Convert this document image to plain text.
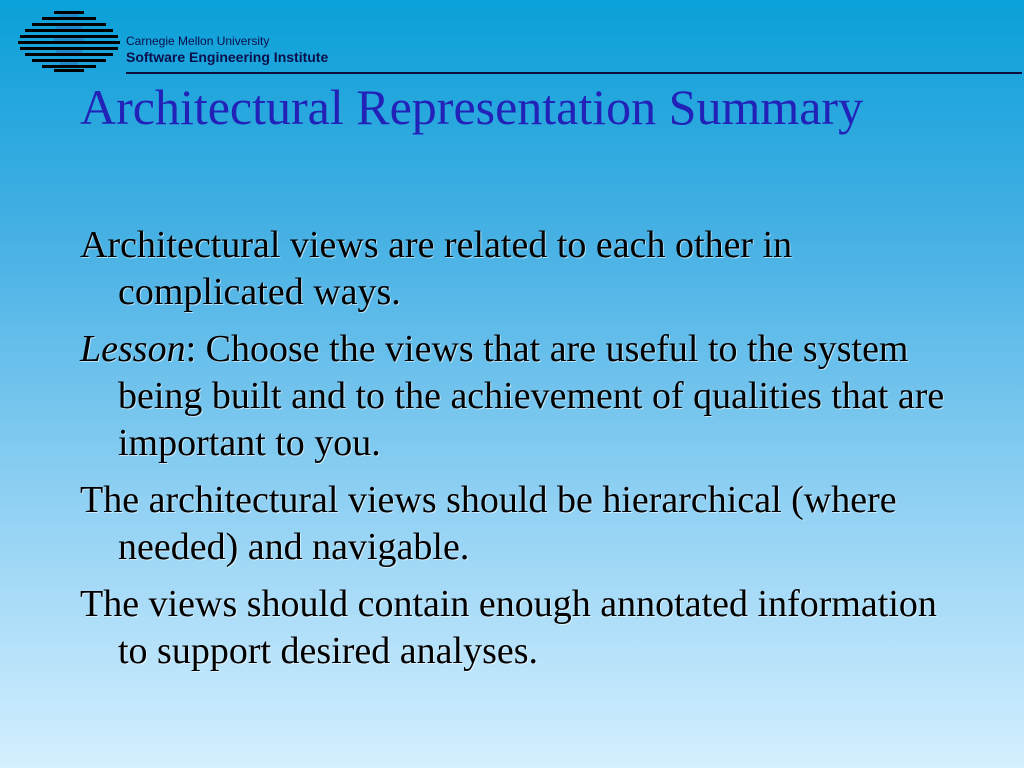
Carnegie Mellon University
Software Engineering Institute
Architectural Representation Summary
Architectural views are related to each other in complicated ways.
Lesson: Choose the views that are useful to the system being built and to the achievement of qualities that are important to you.
The architectural views should be hierarchical (where needed) and navigable.
The views should contain enough annotated information to support desired analyses.
